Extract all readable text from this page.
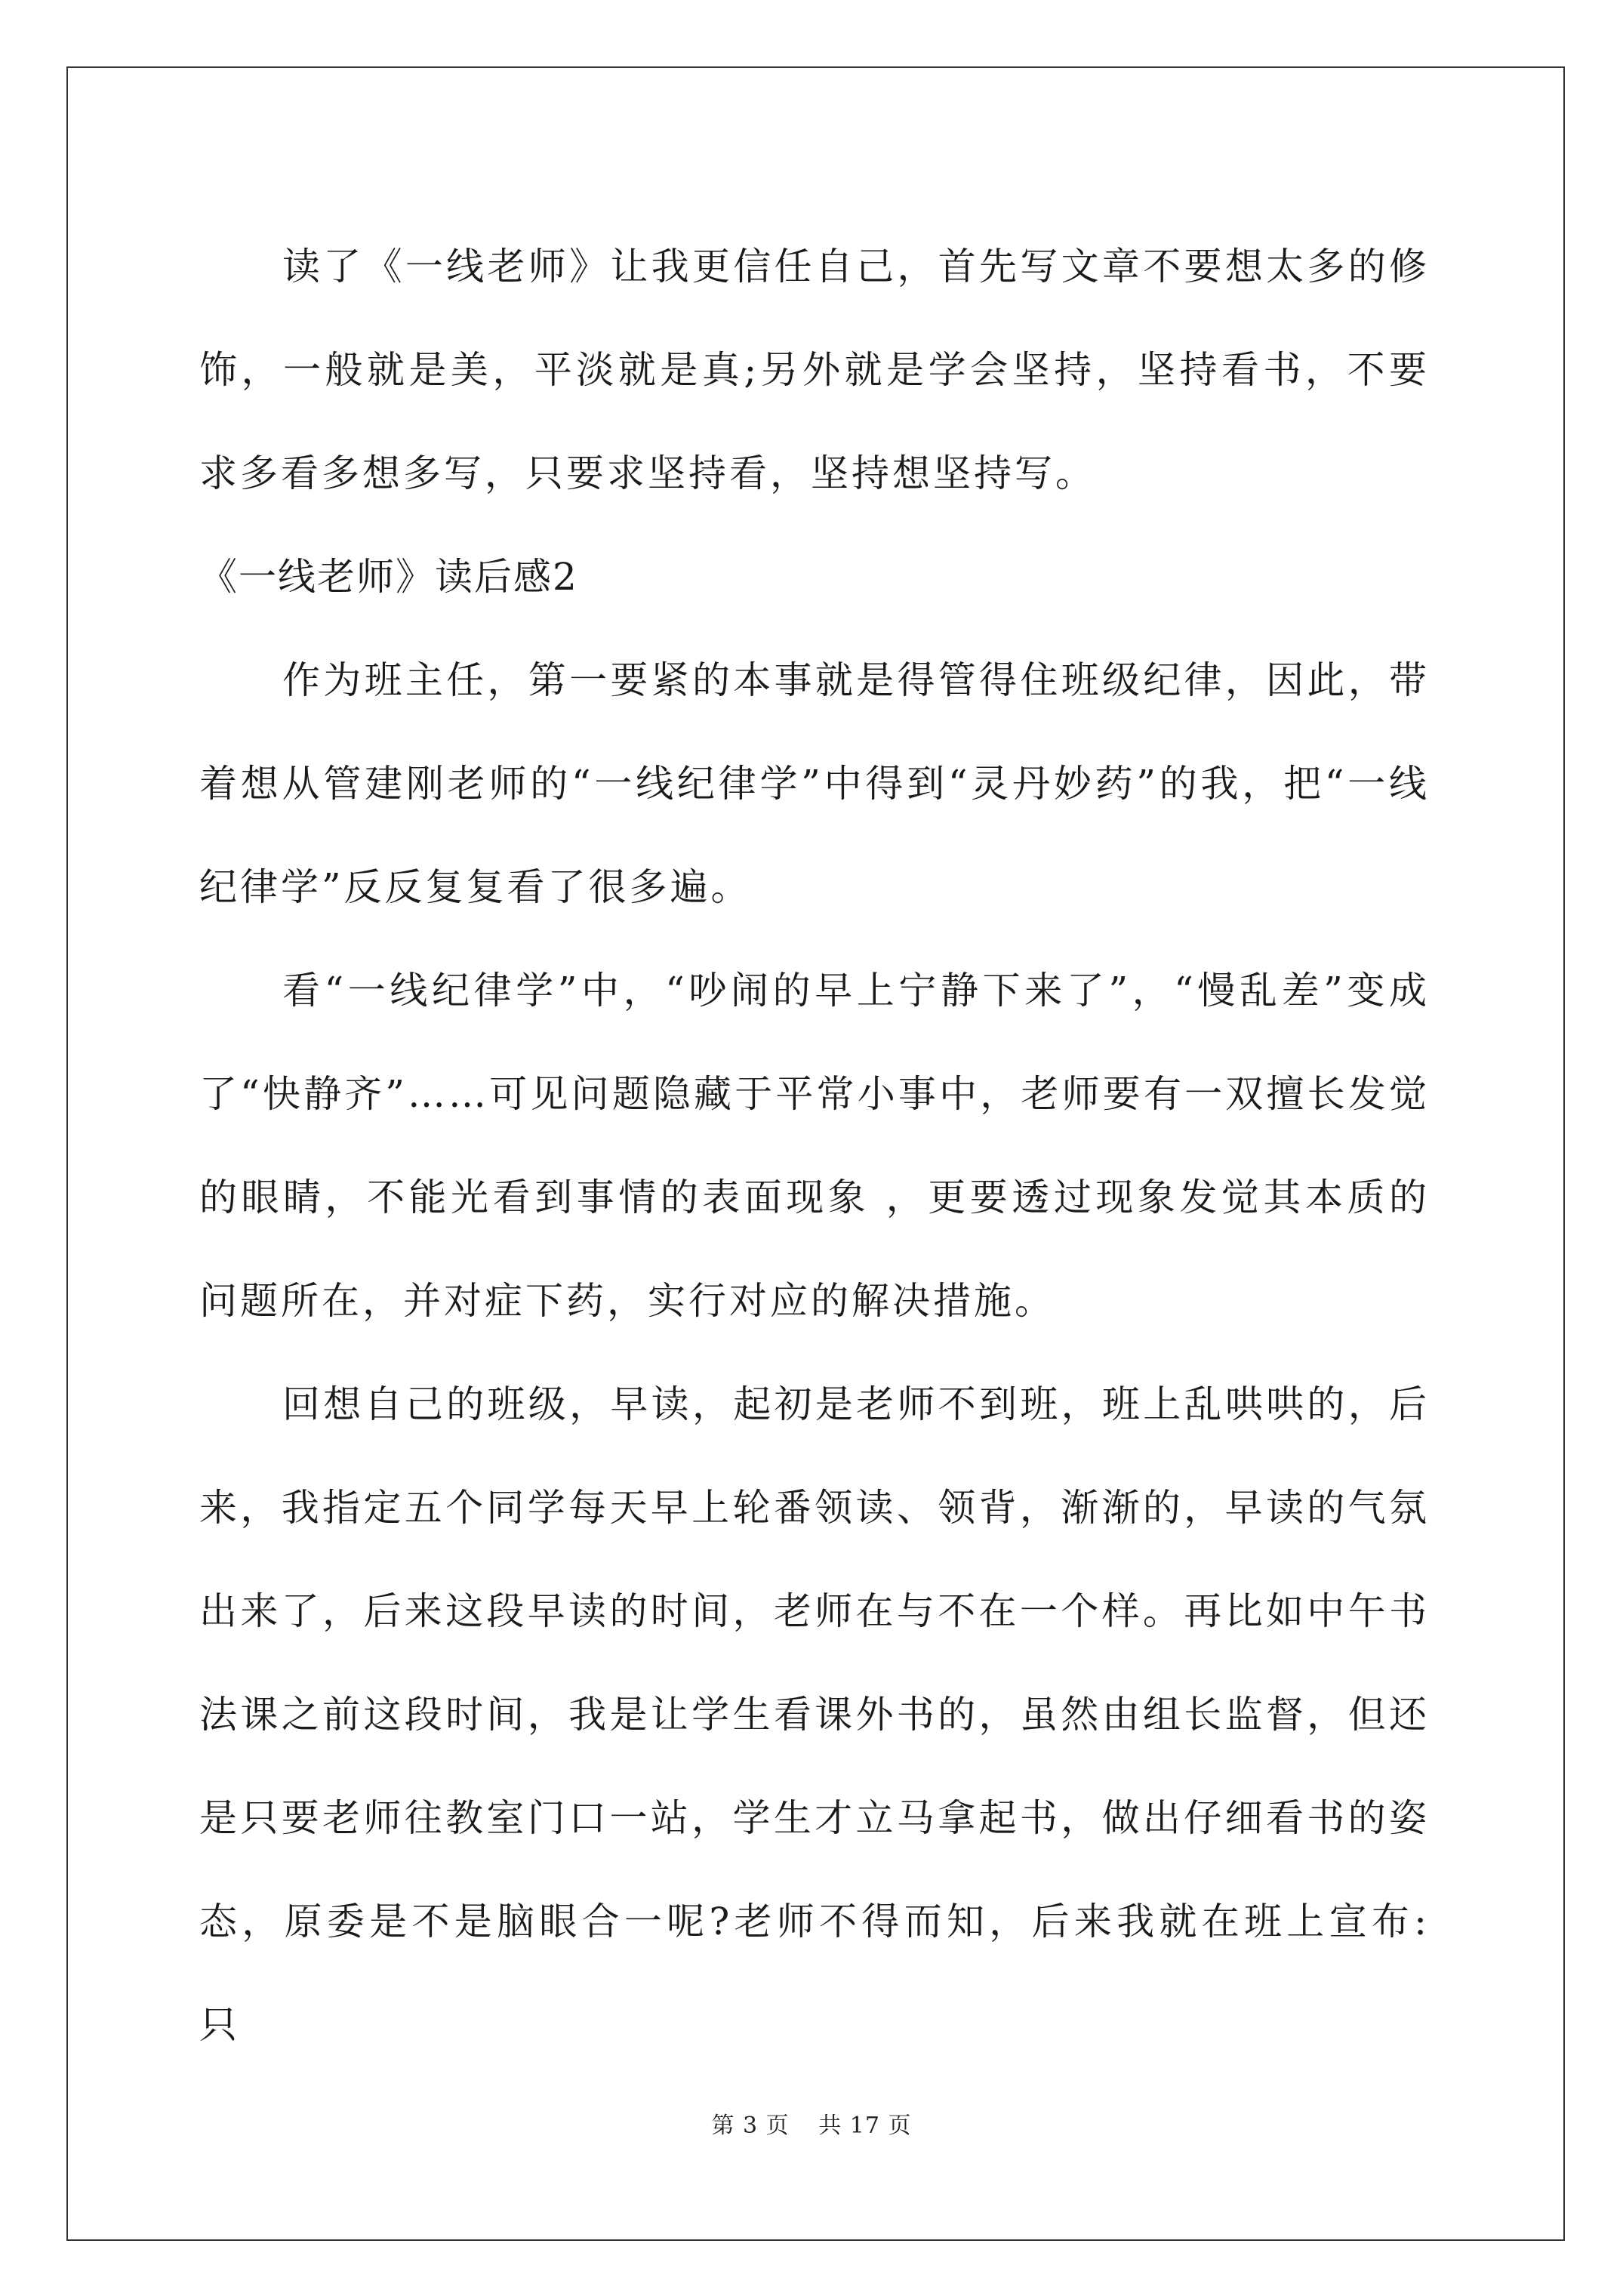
读了《一线老师》让我更信任自己，首先写文章不要想太多的修饰，一般就是美，平淡就是真;另外就是学会坚持，坚持看书，不要求多看多想多写，只要求坚持看，坚持想坚持写。

《一线老师》读后感2

作为班主任，第一要紧的本事就是得管得住班级纪律，因此，带着想从管建刚老师的“一线纪律学”中得到“灵丹妙药”的我，把“一线纪律学”反反复复看了很多遍。

看“一线纪律学”中，“吵闹的早上宁静下来了”，“慢乱差”变成了“快静齐”……可见问题隐藏于平常小事中，老师要有一双擅长发觉的眼睛，不能光看到事情的表面现象 ，更要透过现象发觉其本质的问题所在，并对症下药，实行对应的解决措施。

回想自己的班级，早读，起初是老师不到班，班上乱哄哄的，后来，我指定五个同学每天早上轮番领读、领背，渐渐的，早读的气氛出来了，后来这段早读的时间，老师在与不在一个样。再比如中午书法课之前这段时间，我是让学生看课外书的，虽然由组长监督，但还是只要老师往教室门口一站，学生才立马拿起书，做出仔细看书的姿态，原委是不是脑眼合一呢?老师不得而知，后来我就在班上宣布: 只

第 3 页 共 17 页
